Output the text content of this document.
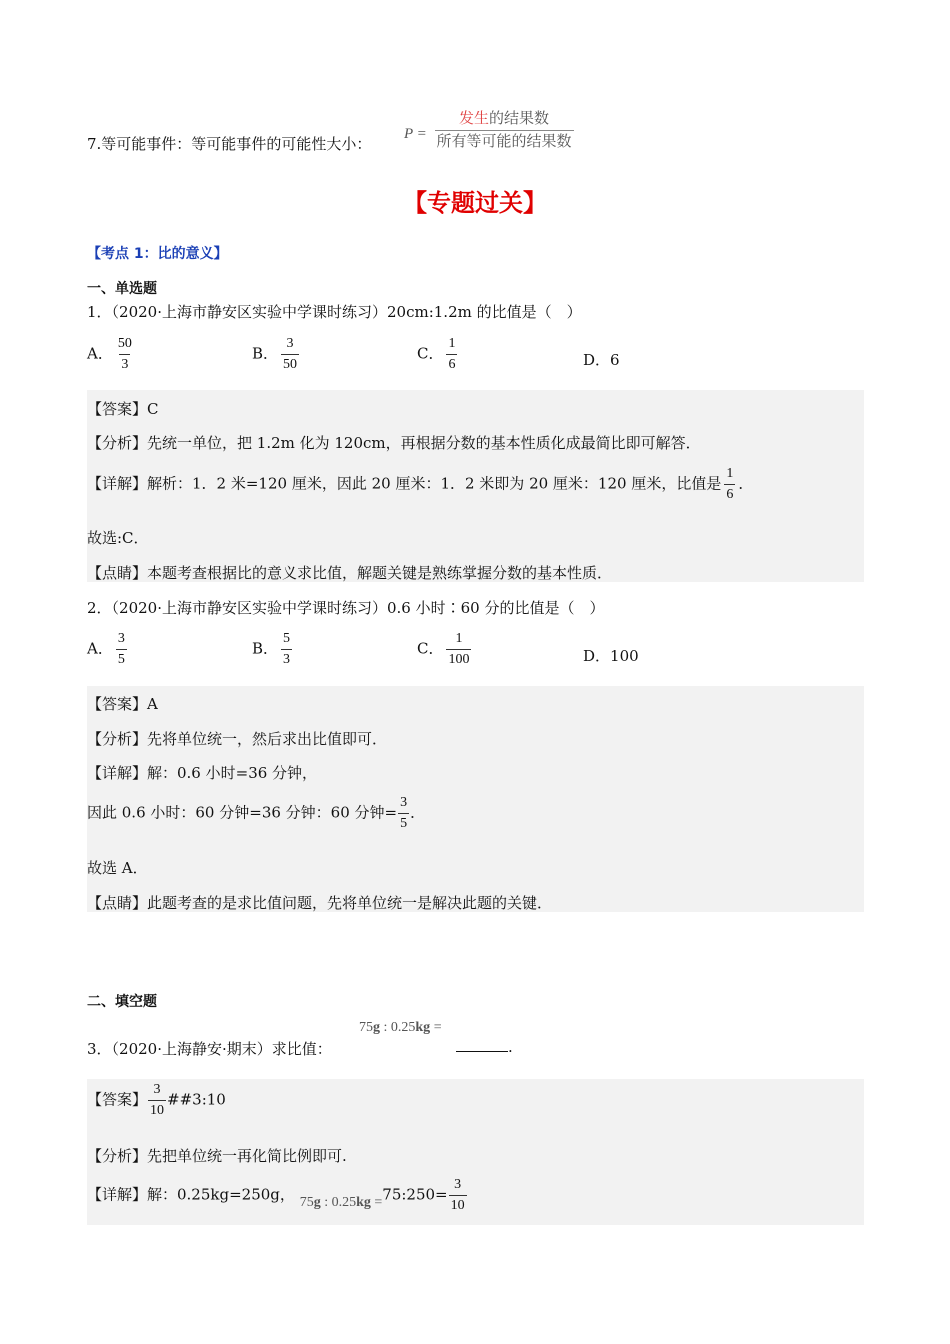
7.等可能事件：等可能事件的可能性大小：
$P = \frac{\text{发生的结果数}}{\text{所有等可能的结果数}}$
【专题过关】
【考点 1：比的意义】
一、单选题
1．（2020·上海市静安区实验中学课时练习）20cm:1.2m 的比值是（　）
A． $\frac{50}{3}$	B． $\frac{3}{50}$	C． $\frac{1}{6}$	D．6
【答案】C
【分析】先统一单位，把 1.2m 化为 120cm，再根据分数的基本性质化成最简比即可解答．
【详解】解析：1．2 米=120 厘米，因此 20 厘米：1．2 米即为 20 厘米：120 厘米，比值是 $\frac{1}{6}$ ．
故选:C．
【点睛】本题考查根据比的意义求比值，解题关键是熟练掌握分数的基本性质．
2．（2020·上海市静安区实验中学课时练习）0.6 小时∶60 分的比值是（　）
A． $\frac{3}{5}$	B． $\frac{5}{3}$	C． $\frac{1}{100}$	D．100
【答案】A
【分析】先将单位统一，然后求出比值即可．
【详解】解：0.6 小时=36 分钟，
因此 0.6 小时：60 分钟=36 分钟：60 分钟= $\frac{3}{5}$ ．
故选 A．
【点睛】此题考查的是求比值问题，先将单位统一是解决此题的关键．
二、填空题
3．（2020·上海静安·期末）求比值：
75g : 0.25kg =
.
【答案】 $\frac{3}{10}$ ##3:10
【分析】先把单位统一再化简比例即可.
【详解】解：0.25kg=250g， 75g : 0.25kg =75:250= $\frac{3}{10}$
